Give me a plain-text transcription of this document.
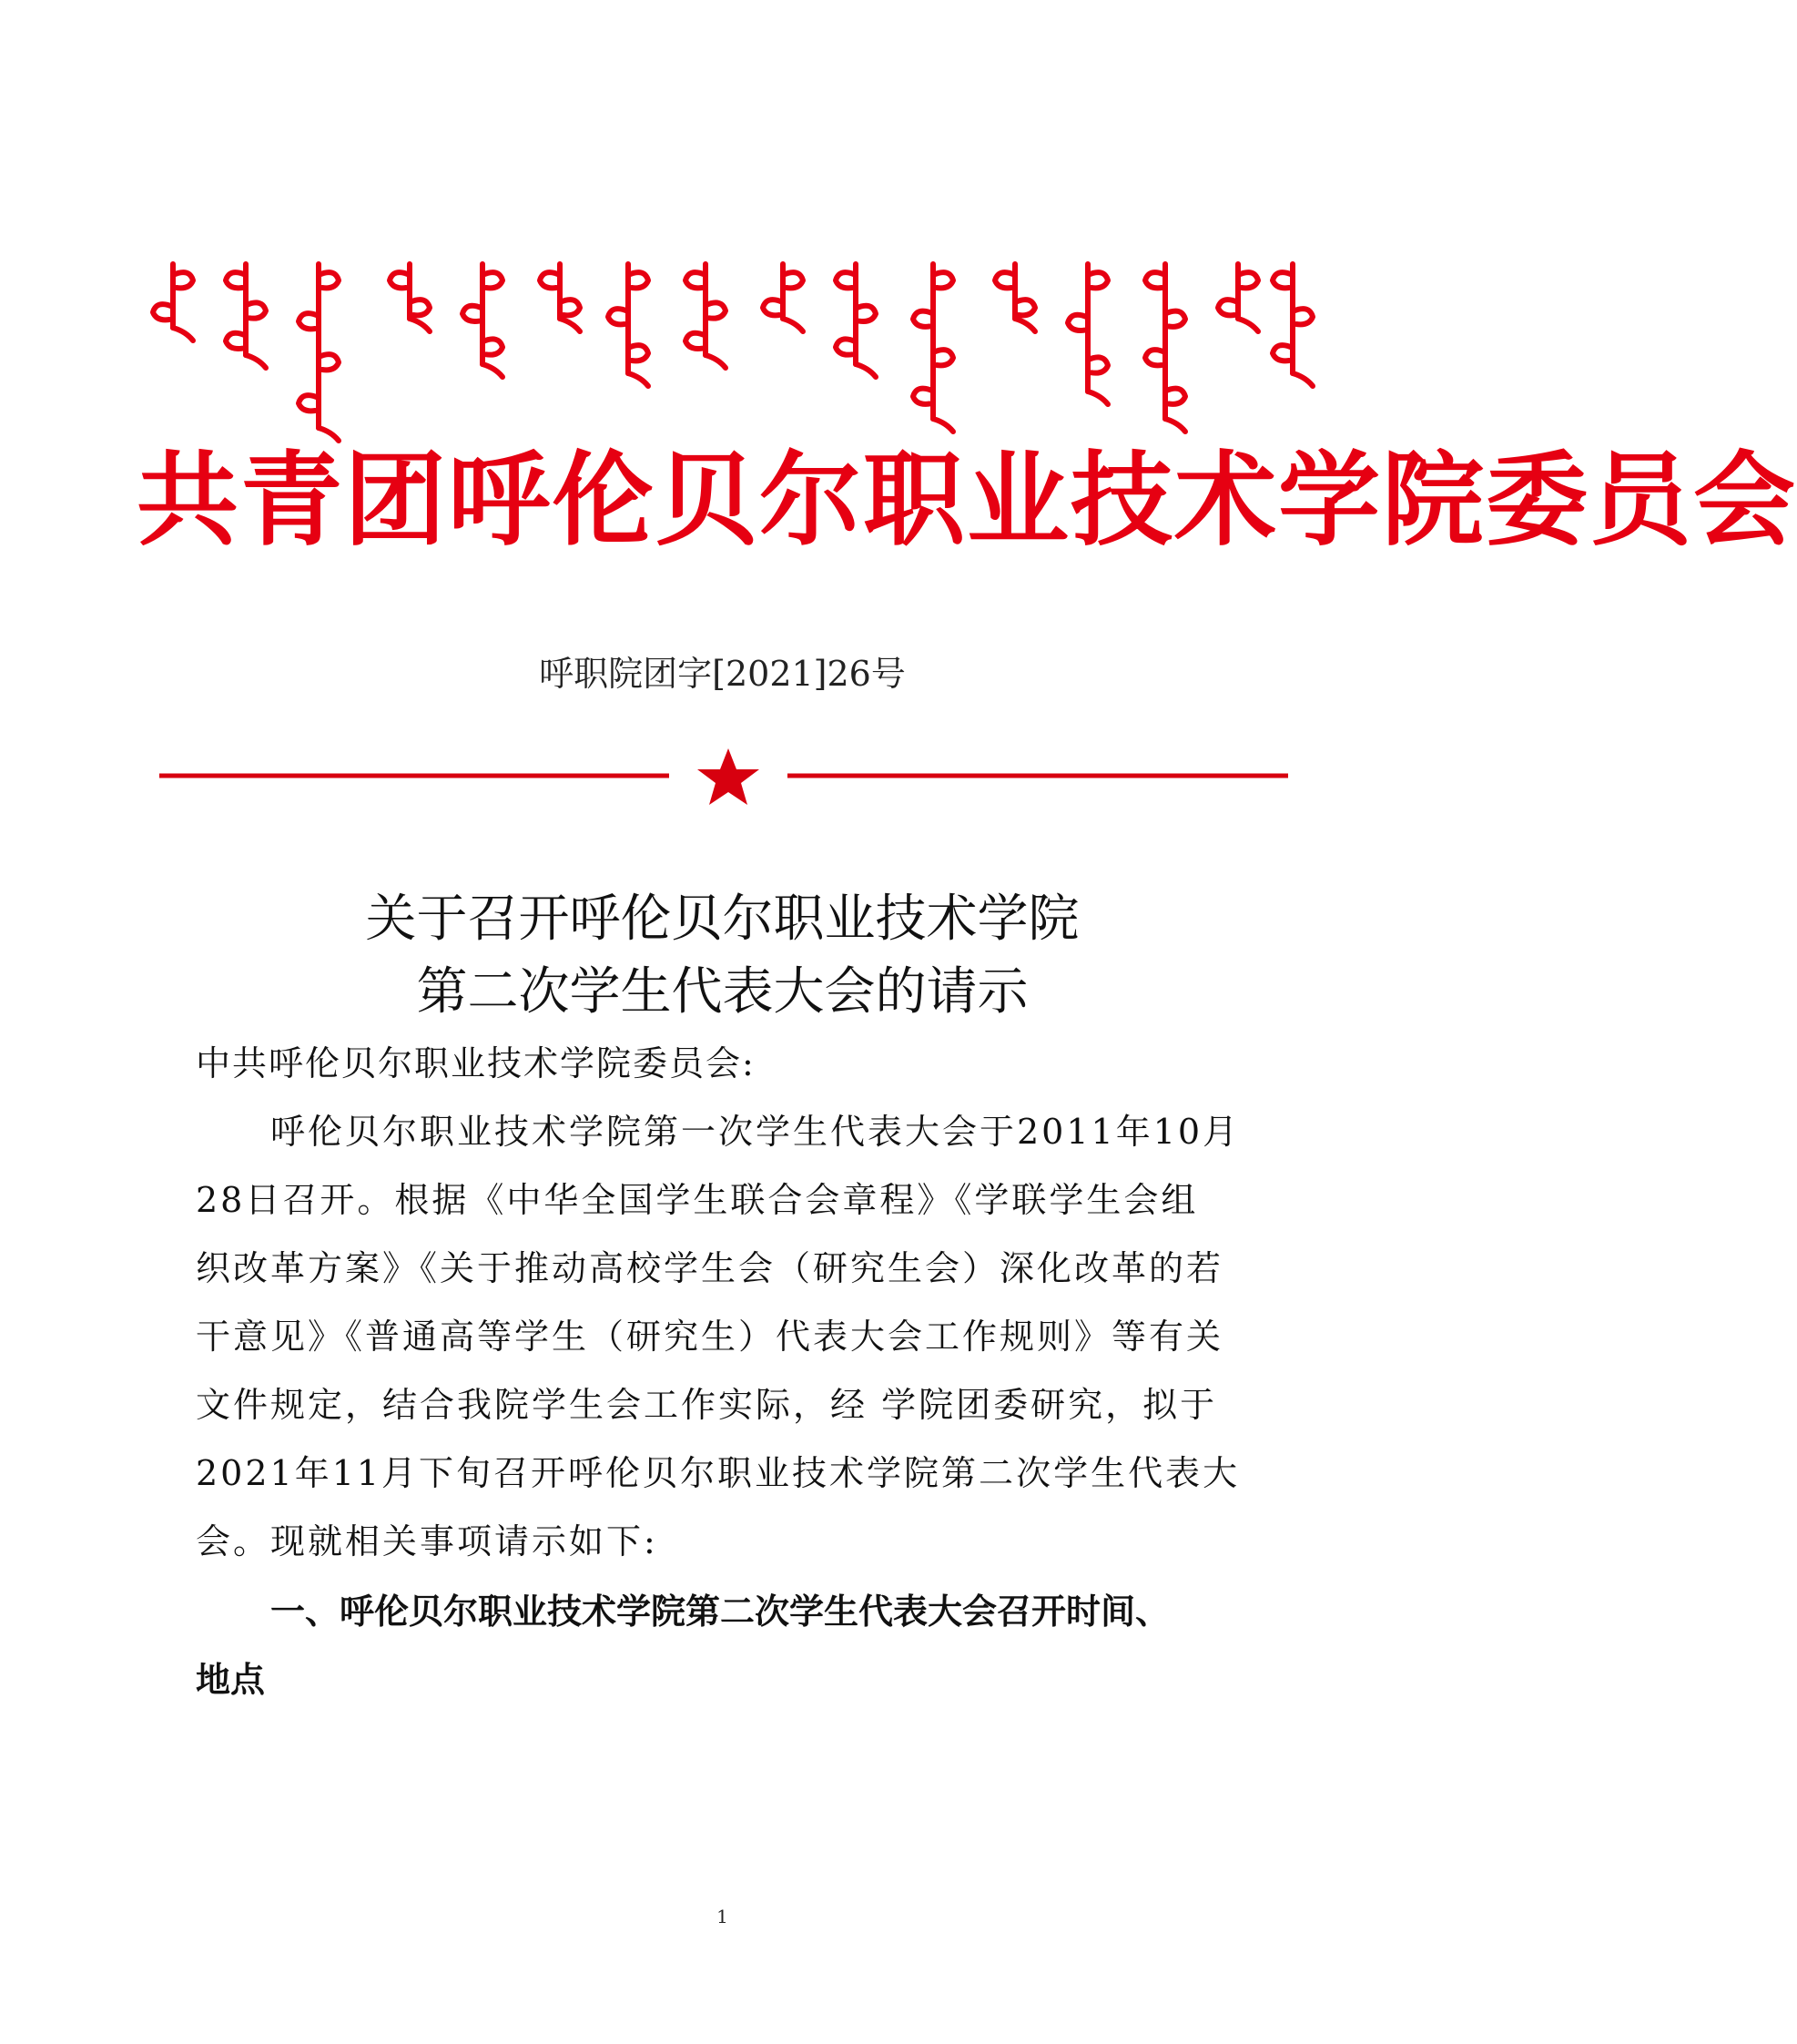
共青团呼伦贝尔职业技术学院委员会
呼职院团字[2021]26号
关于召开呼伦贝尔职业技术学院
第二次学生代表大会的请示
中共呼伦贝尔职业技术学院委员会:
呼伦贝尔职业技术学院第一次学生代表大会于2011年10月
28日召开。根据《中华全国学生联合会章程》《学联学生会组
织改革方案》《关于推动高校学生会（研究生会）深化改革的若
干意见》《普通高等学生（研究生）代表大会工作规则》等有关
文件规定，结合我院学生会工作实际，经 学院团委研究，拟于
2021年11月下旬召开呼伦贝尔职业技术学院第二次学生代表大
会。现就相关事项请示如下:
一、呼伦贝尔职业技术学院第二次学生代表大会召开时间、
地点
1
